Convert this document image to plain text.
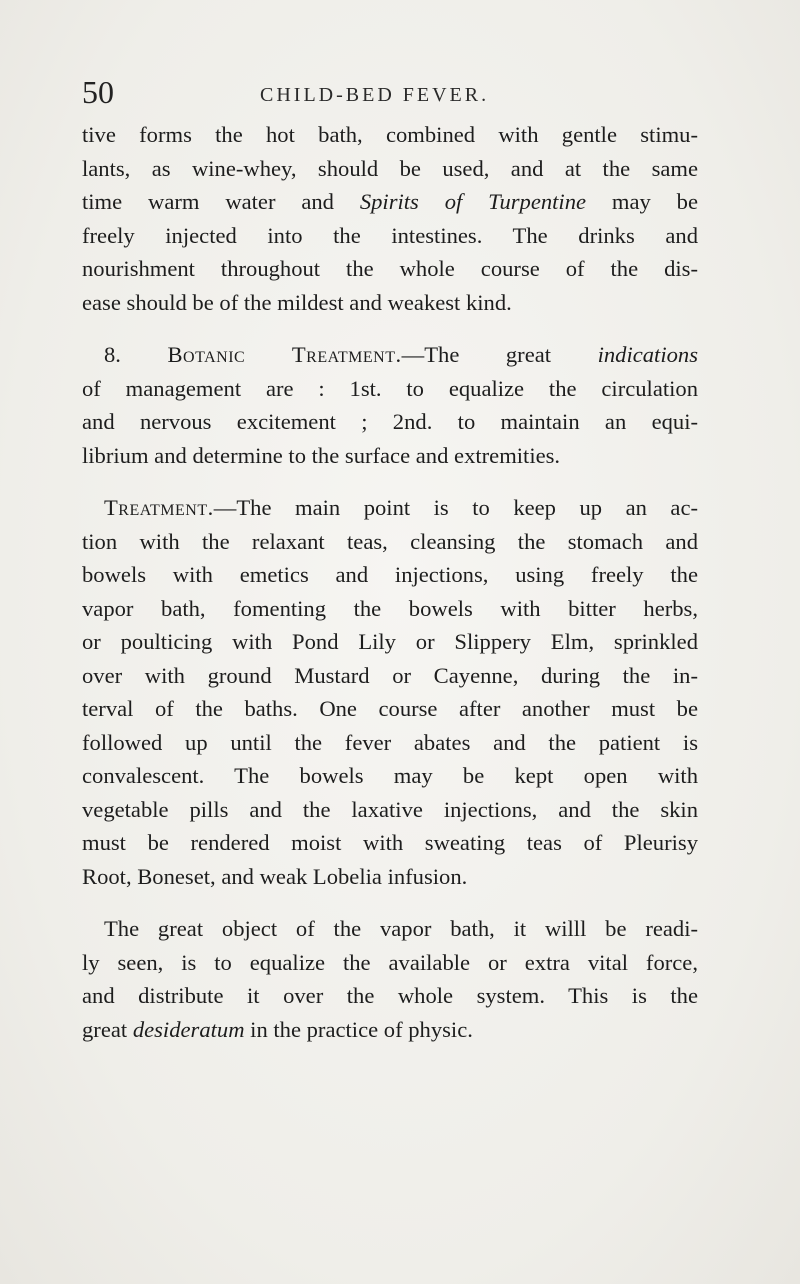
50	CHILD-BED FEVER.

tive forms the hot bath, combined with gentle stimu-
lants, as wine-whey, should be used, and at the same
time warm water and Spirits of Turpentine may be
freely injected into the intestines. The drinks and
nourishment throughout the whole course of the dis-
ease should be of the mildest and weakest kind.

8. Botanic Treatment.—The great indications
of management are : 1st. to equalize the circulation
and nervous excitement ; 2nd. to maintain an equi-
librium and determine to the surface and extremities.

Treatment.—The main point is to keep up an ac-
tion with the relaxant teas, cleansing the stomach and
bowels with emetics and injections, using freely the
vapor bath, fomenting the bowels with bitter herbs,
or poulticing with Pond Lily or Slippery Elm, sprinkled
over with ground Mustard or Cayenne, during the in-
terval of the baths. One course after another must be
followed up until the fever abates and the patient is
convalescent. The bowels may be kept open with
vegetable pills and the laxative injections, and the skin
must be rendered moist with sweating teas of Pleurisy
Root, Boneset, and weak Lobelia infusion.

The great object of the vapor bath, it willl be readi-
ly seen, is to equalize the available or extra vital force,
and distribute it over the whole system. This is the
great desideratum in the practice of physic.
